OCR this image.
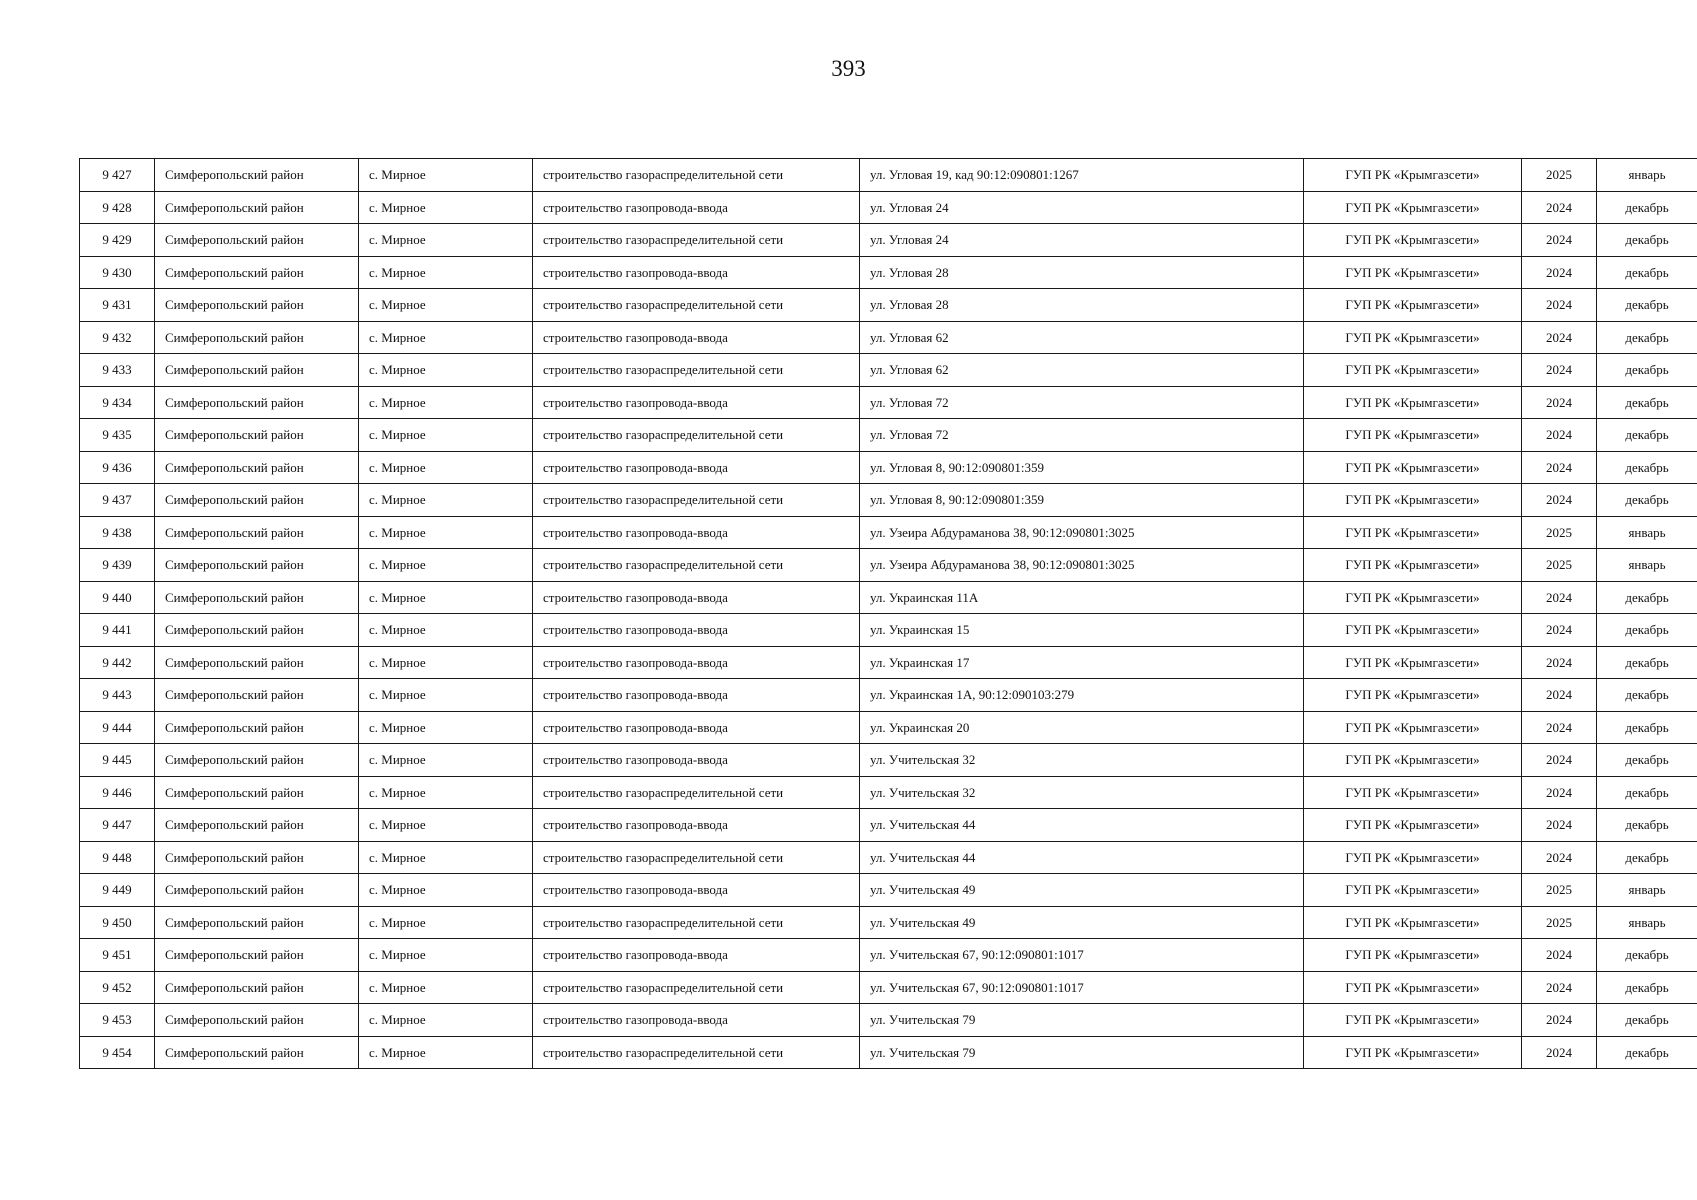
393
9 427	Симферопольский район	с. Мирное	строительство газораспределительной сети	ул. Угловая 19, кад 90:12:090801:1267	ГУП РК «Крымгазсети»	2025	январь
9 428	Симферопольский район	с. Мирное	строительство газопровода-ввода	ул. Угловая 24	ГУП РК «Крымгазсети»	2024	декабрь
9 429	Симферопольский район	с. Мирное	строительство газораспределительной сети	ул. Угловая 24	ГУП РК «Крымгазсети»	2024	декабрь
9 430	Симферопольский район	с. Мирное	строительство газопровода-ввода	ул. Угловая 28	ГУП РК «Крымгазсети»	2024	декабрь
9 431	Симферопольский район	с. Мирное	строительство газораспределительной сети	ул. Угловая 28	ГУП РК «Крымгазсети»	2024	декабрь
9 432	Симферопольский район	с. Мирное	строительство газопровода-ввода	ул. Угловая 62	ГУП РК «Крымгазсети»	2024	декабрь
9 433	Симферопольский район	с. Мирное	строительство газораспределительной сети	ул. Угловая 62	ГУП РК «Крымгазсети»	2024	декабрь
9 434	Симферопольский район	с. Мирное	строительство газопровода-ввода	ул. Угловая 72	ГУП РК «Крымгазсети»	2024	декабрь
9 435	Симферопольский район	с. Мирное	строительство газораспределительной сети	ул. Угловая 72	ГУП РК «Крымгазсети»	2024	декабрь
9 436	Симферопольский район	с. Мирное	строительство газопровода-ввода	ул. Угловая 8, 90:12:090801:359	ГУП РК «Крымгазсети»	2024	декабрь
9 437	Симферопольский район	с. Мирное	строительство газораспределительной сети	ул. Угловая 8, 90:12:090801:359	ГУП РК «Крымгазсети»	2024	декабрь
9 438	Симферопольский район	с. Мирное	строительство газопровода-ввода	ул. Узеира Абдураманова 38, 90:12:090801:3025	ГУП РК «Крымгазсети»	2025	январь
9 439	Симферопольский район	с. Мирное	строительство газораспределительной сети	ул. Узеира Абдураманова 38, 90:12:090801:3025	ГУП РК «Крымгазсети»	2025	январь
9 440	Симферопольский район	с. Мирное	строительство газопровода-ввода	ул. Украинская 11А	ГУП РК «Крымгазсети»	2024	декабрь
9 441	Симферопольский район	с. Мирное	строительство газопровода-ввода	ул. Украинская 15	ГУП РК «Крымгазсети»	2024	декабрь
9 442	Симферопольский район	с. Мирное	строительство газопровода-ввода	ул. Украинская 17	ГУП РК «Крымгазсети»	2024	декабрь
9 443	Симферопольский район	с. Мирное	строительство газопровода-ввода	ул. Украинская 1А, 90:12:090103:279	ГУП РК «Крымгазсети»	2024	декабрь
9 444	Симферопольский район	с. Мирное	строительство газопровода-ввода	ул. Украинская 20	ГУП РК «Крымгазсети»	2024	декабрь
9 445	Симферопольский район	с. Мирное	строительство газопровода-ввода	ул. Учительская 32	ГУП РК «Крымгазсети»	2024	декабрь
9 446	Симферопольский район	с. Мирное	строительство газораспределительной сети	ул. Учительская 32	ГУП РК «Крымгазсети»	2024	декабрь
9 447	Симферопольский район	с. Мирное	строительство газопровода-ввода	ул. Учительская 44	ГУП РК «Крымгазсети»	2024	декабрь
9 448	Симферопольский район	с. Мирное	строительство газораспределительной сети	ул. Учительская 44	ГУП РК «Крымгазсети»	2024	декабрь
9 449	Симферопольский район	с. Мирное	строительство газопровода-ввода	ул. Учительская 49	ГУП РК «Крымгазсети»	2025	январь
9 450	Симферопольский район	с. Мирное	строительство газораспределительной сети	ул. Учительская 49	ГУП РК «Крымгазсети»	2025	январь
9 451	Симферопольский район	с. Мирное	строительство газопровода-ввода	ул. Учительская 67, 90:12:090801:1017	ГУП РК «Крымгазсети»	2024	декабрь
9 452	Симферопольский район	с. Мирное	строительство газораспределительной сети	ул. Учительская 67, 90:12:090801:1017	ГУП РК «Крымгазсети»	2024	декабрь
9 453	Симферопольский район	с. Мирное	строительство газопровода-ввода	ул. Учительская 79	ГУП РК «Крымгазсети»	2024	декабрь
9 454	Симферопольский район	с. Мирное	строительство газораспределительной сети	ул. Учительская 79	ГУП РК «Крымгазсети»	2024	декабрь
